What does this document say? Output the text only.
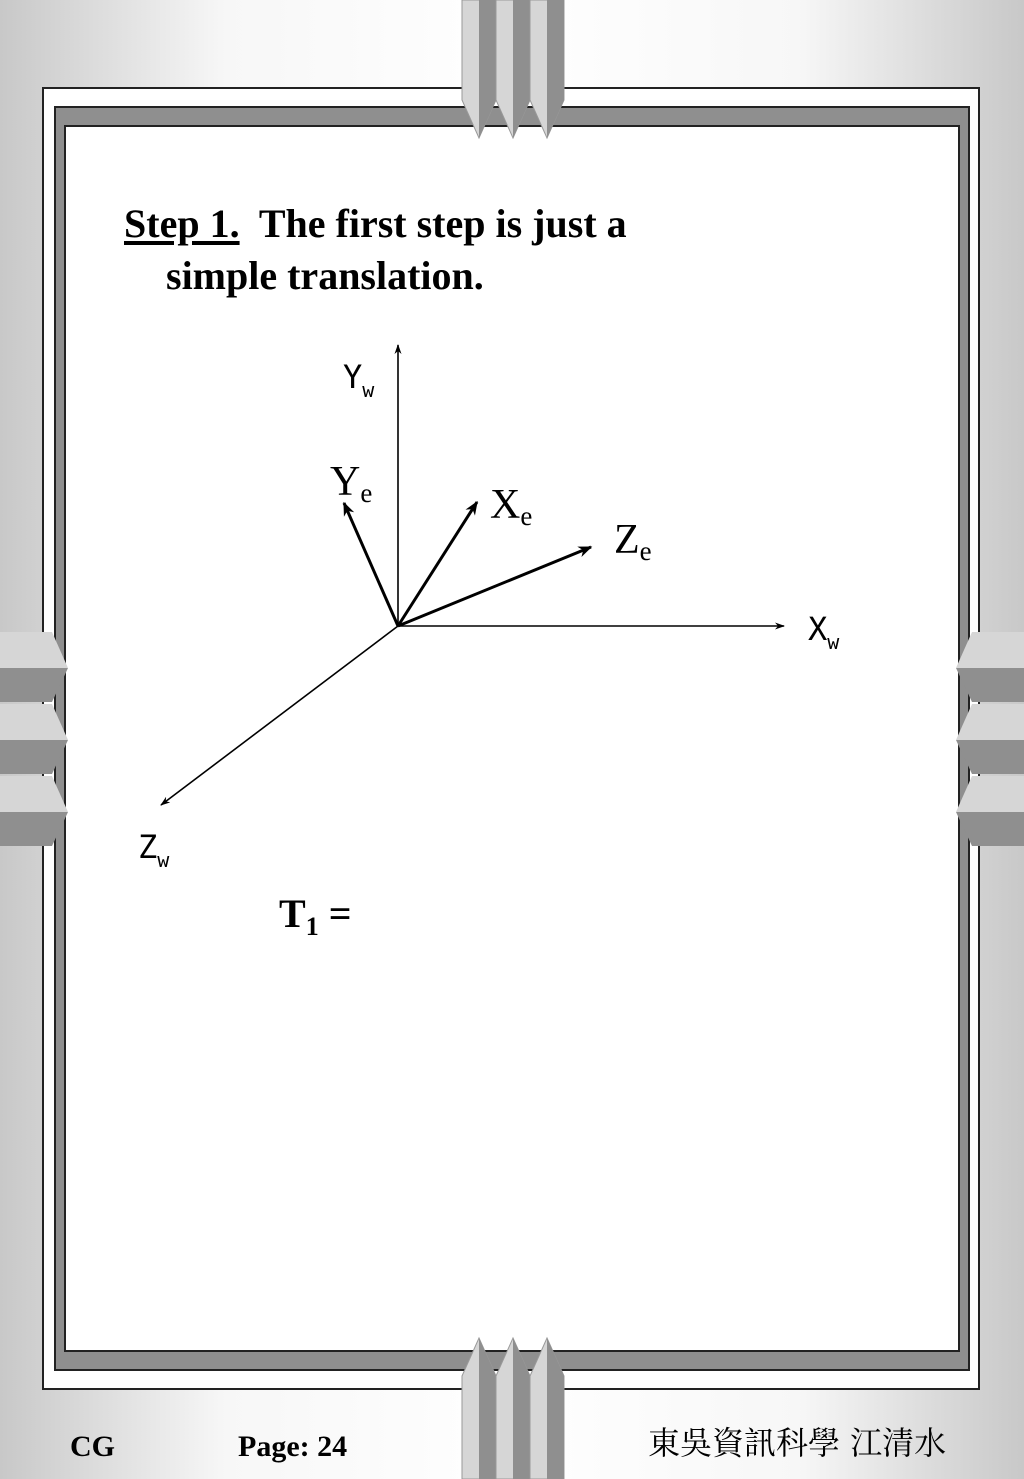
Step 1. The first step is just a
simple translation.

$Y_w$
$X_w$
$Z_w$
Ye	Xe
Ze
$T_1$ =
CG	Page: 24	東吳資訊科學 江清水
